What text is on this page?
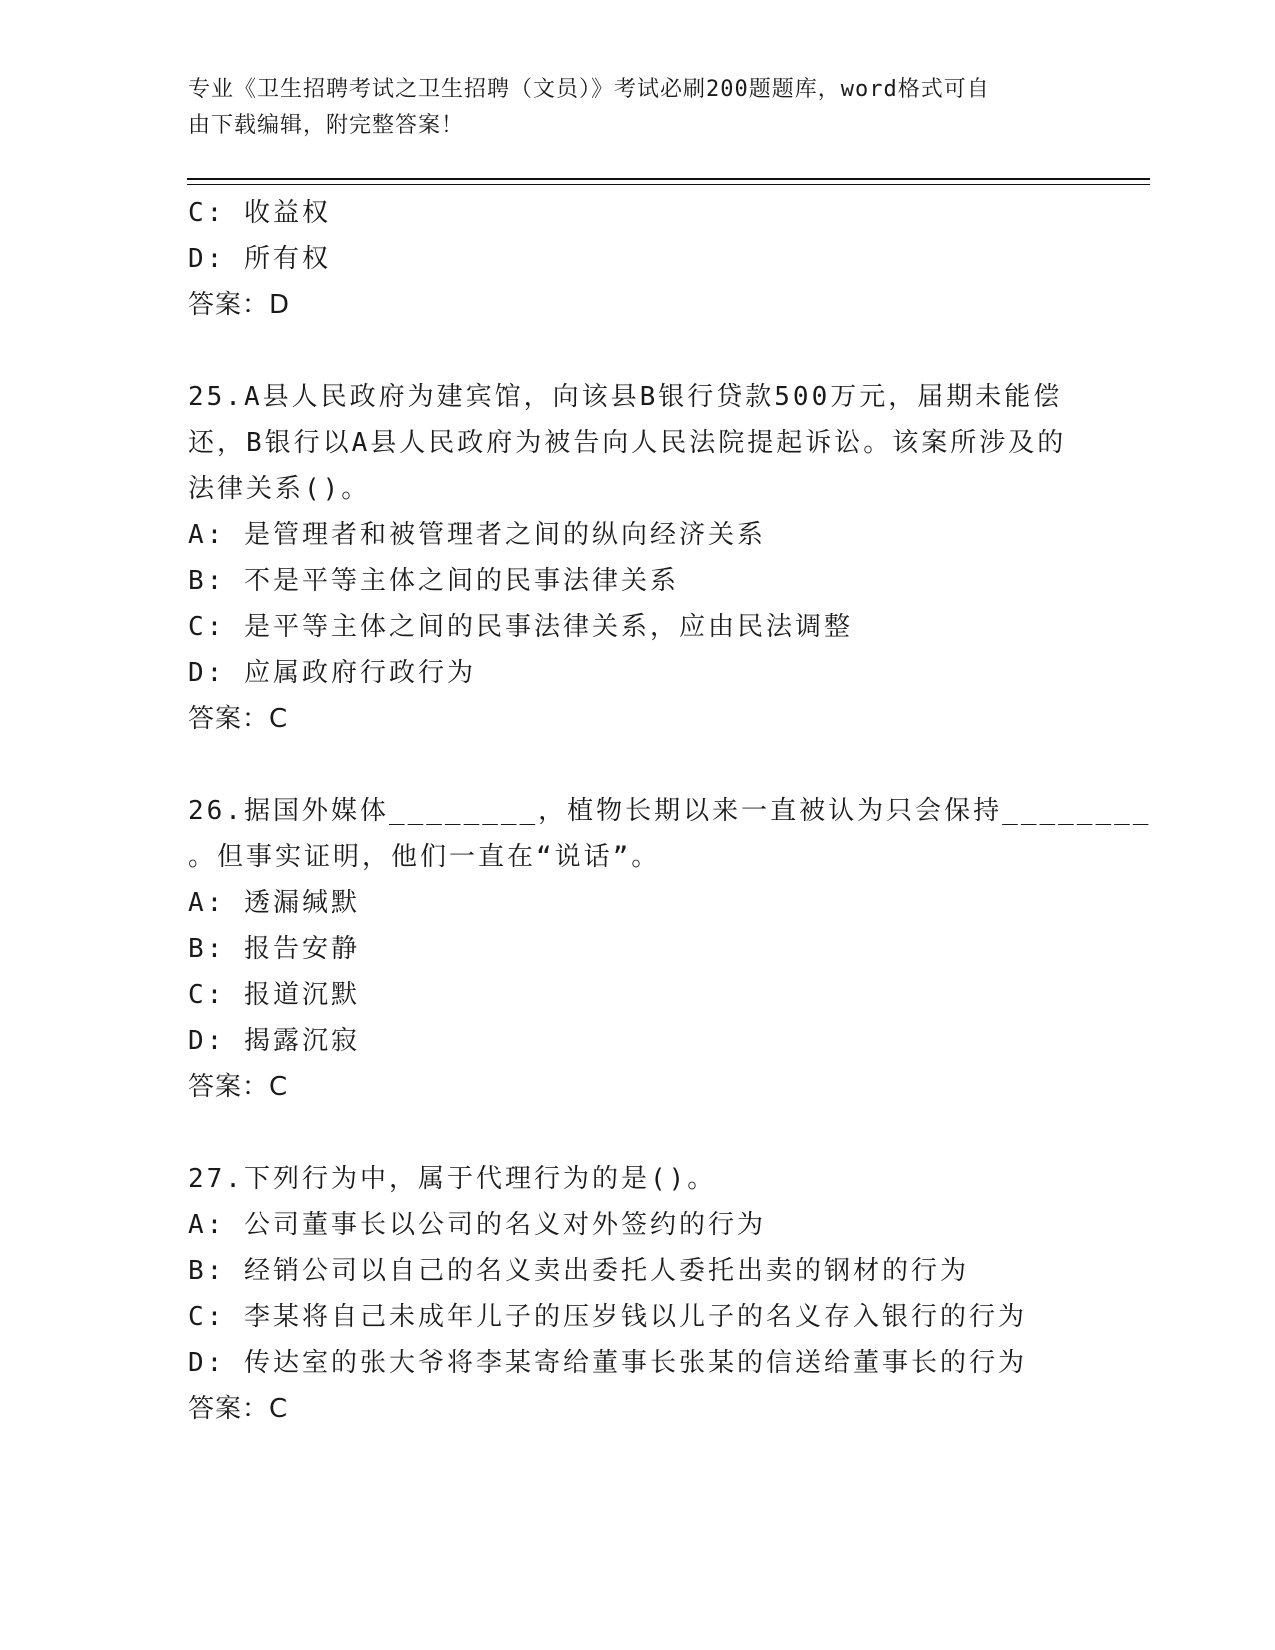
专业《卫生招聘考试之卫生招聘（文员）》考试必刷200题题库，word格式可自
由下载编辑，附完整答案！
C: 收益权
D: 所有权
答案：D
25.A县人民政府为建宾馆，向该县B银行贷款500万元，届期未能偿
还，B银行以A县人民政府为被告向人民法院提起诉讼。该案所涉及的
法律关系()。
A: 是管理者和被管理者之间的纵向经济关系
B: 不是平等主体之间的民事法律关系
C: 是平等主体之间的民事法律关系，应由民法调整
D: 应属政府行政行为
答案：C
26.据国外媒体________，植物长期以来一直被认为只会保持________
。但事实证明，他们一直在“说话”。
A: 透漏缄默
B: 报告安静
C: 报道沉默
D: 揭露沉寂
答案：C
27.下列行为中，属于代理行为的是()。
A: 公司董事长以公司的名义对外签约的行为
B: 经销公司以自己的名义卖出委托人委托出卖的钢材的行为
C: 李某将自己未成年儿子的压岁钱以儿子的名义存入银行的行为
D: 传达室的张大爷将李某寄给董事长张某的信送给董事长的行为
答案：C
